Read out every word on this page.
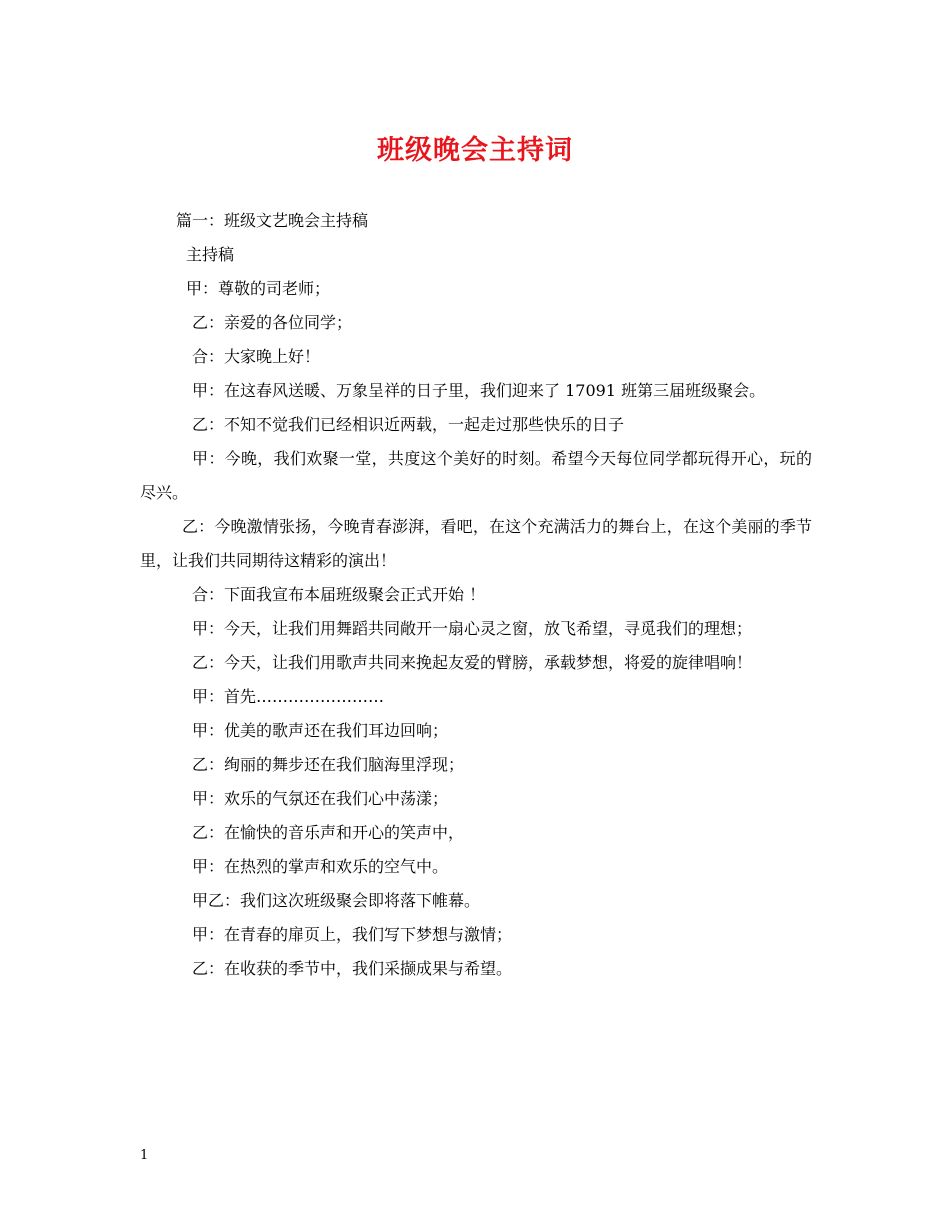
班级晚会主持词

篇一：班级文艺晚会主持稿

主持稿

甲：尊敬的司老师；

乙：亲爱的各位同学；

合：大家晚上好！

甲：在这春风送暖、万象呈祥的日子里，我们迎来了 17091 班第三届班级聚会。

乙：不知不觉我们已经相识近两载，一起走过那些快乐的日子

甲：今晚，我们欢聚一堂，共度这个美好的时刻。希望今天每位同学都玩得开心，玩的尽兴。

乙：今晚激情张扬，今晚青春澎湃，看吧，在这个充满活力的舞台上，在这个美丽的季节里，让我们共同期待这精彩的演出！

合：下面我宣布本届班级聚会正式开始 ！

甲：今天，让我们用舞蹈共同敞开一扇心灵之窗，放飞希望，寻觅我们的理想；

乙：今天，让我们用歌声共同来挽起友爱的臂膀，承载梦想，将爱的旋律唱响！

甲：首先……………………

甲：优美的歌声还在我们耳边回响；

乙：绚丽的舞步还在我们脑海里浮现；

甲：欢乐的气氛还在我们心中荡漾；

乙：在愉快的音乐声和开心的笑声中，

甲：在热烈的掌声和欢乐的空气中。

甲乙：我们这次班级聚会即将落下帷幕。

甲：在青春的扉页上，我们写下梦想与激情；

乙：在收获的季节中，我们采撷成果与希望。

1
